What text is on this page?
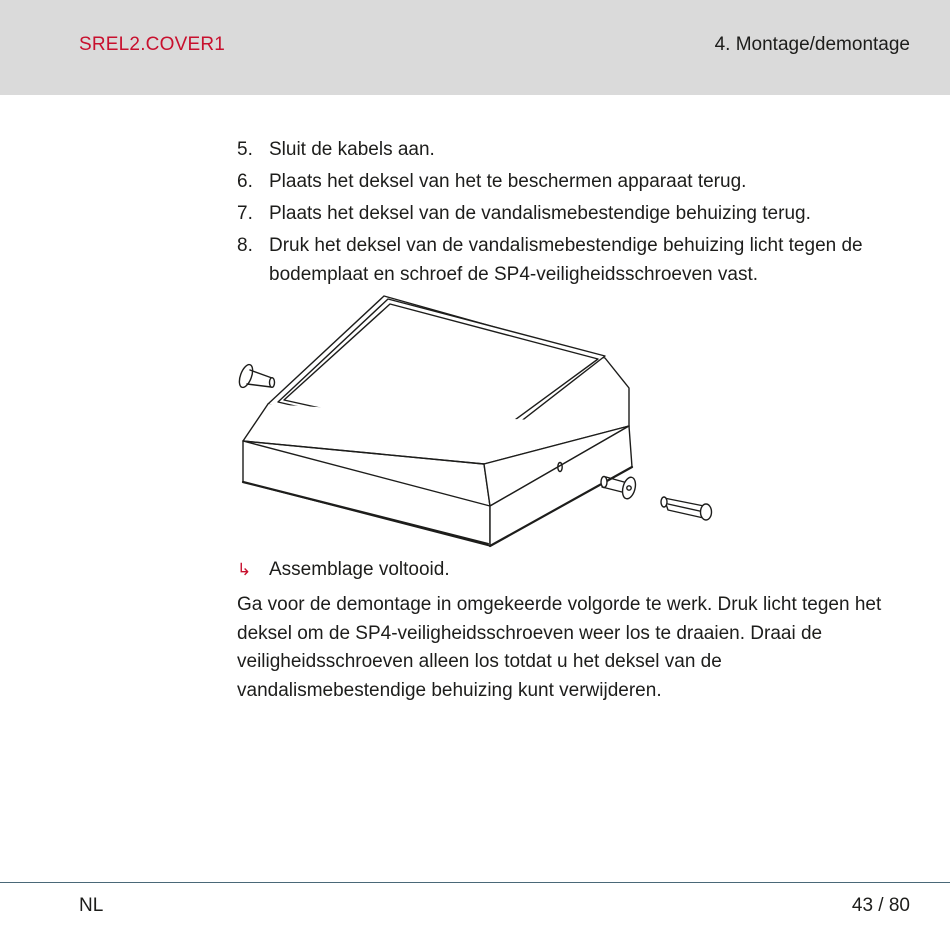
SREL2.COVER1	4. Montage/demontage
5. Sluit de kabels aan.
6. Plaats het deksel van het te beschermen apparaat terug.
7. Plaats het deksel van de vandalismebestendige behuizing terug.
8. Druk het deksel van de vandalismebestendige behuizing licht tegen de bodemplaat en schroef de SP4-veiligheidsschroeven vast.
↳ Assemblage voltooid.

Ga voor de demontage in omgekeerde volgorde te werk. Druk licht tegen het deksel om de SP4-veiligheidsschroeven weer los te draaien. Draai de veiligheidsschroeven alleen los totdat u het deksel van de vandalismebestendige behuizing kunt verwijderen.

NL	43 / 80
